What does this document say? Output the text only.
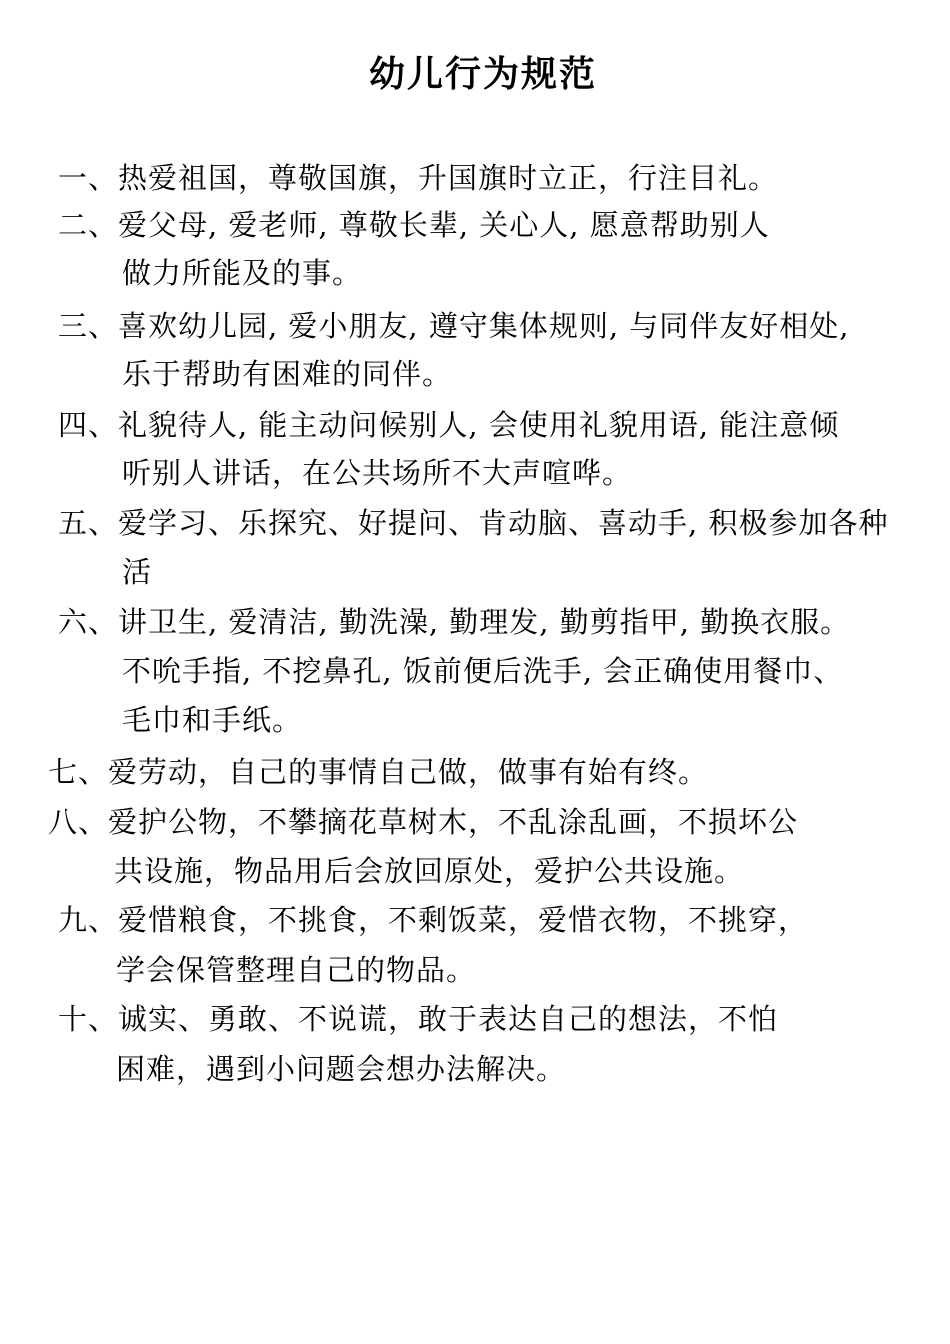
幼儿行为规范

一、热爱祖国，尊敬国旗，升国旗时立正，行注目礼。

二、爱父母, 爱老师, 尊敬长辈, 关心人, 愿意帮助别人

做力所能及的事。

三、喜欢幼儿园, 爱小朋友, 遵守集体规则, 与同伴友好相处,

乐于帮助有困难的同伴。

四、礼貌待人, 能主动问候别人, 会使用礼貌用语, 能注意倾

听别人讲话，在公共场所不大声喧哗。

五、爱学习、乐探究、好提问、肯动脑、喜动手, 积极参加各种

活

六、讲卫生, 爱清洁, 勤洗澡, 勤理发, 勤剪指甲, 勤换衣服。

不吮手指, 不挖鼻孔, 饭前便后洗手, 会正确使用餐巾、

毛巾和手纸。

七、爱劳动，自己的事情自己做，做事有始有终。

八、爱护公物，不攀摘花草树木，不乱涂乱画，不损坏公

共设施，物品用后会放回原处，爱护公共设施。

九、爱惜粮食，不挑食，不剩饭菜，爱惜衣物，不挑穿，

学会保管整理自己的物品。

十、诚实、勇敢、不说谎，敢于表达自己的想法，不怕

困难，遇到小问题会想办法解决。
